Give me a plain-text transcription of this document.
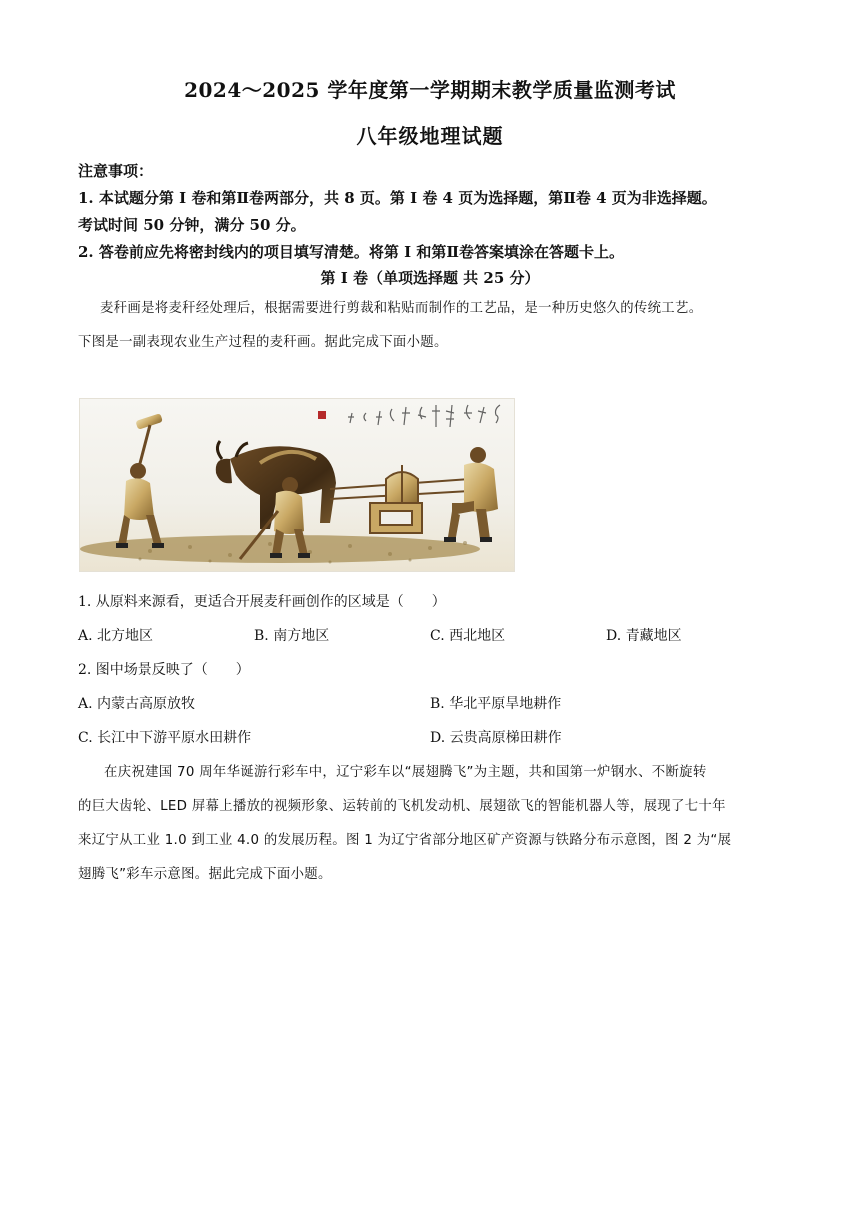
2024～2025 学年度第一学期期末教学质量监测考试
八年级地理试题
注意事项：
1. 本试题分第 I 卷和第Ⅱ卷两部分，共 8 页。第 I 卷 4 页为选择题，第Ⅱ卷 4 页为非选择题。
考试时间 50 分钟，满分 50 分。
2. 答卷前应先将密封线内的项目填写清楚。将第 I 和第Ⅱ卷答案填涂在答题卡上。
第 I 卷（单项选择题 共 25 分）
麦秆画是将麦秆经处理后，根据需要进行剪裁和粘贴而制作的工艺品，是一种历史悠久的传统工艺。
下图是一副表现农业生产过程的麦秆画。据此完成下面小题。
1. 从原料来源看，更适合开展麦秆画创作的区域是（　　）
A. 北方地区	B. 南方地区	C. 西北地区	D. 青藏地区
2. 图中场景反映了（　　）
A. 内蒙古高原放牧	B. 华北平原旱地耕作
C. 长江中下游平原水田耕作	D. 云贵高原梯田耕作
在庆祝建国 70 周年华诞游行彩车中，辽宁彩车以“展翅腾飞”为主题，共和国第一炉钢水、不断旋转
的巨大齿轮、LED 屏幕上播放的视频形象、运转前的飞机发动机、展翅欲飞的智能机器人等，展现了七十年
来辽宁从工业 1.0 到工业 4.0 的发展历程。图 1 为辽宁省部分地区矿产资源与铁路分布示意图，图 2 为“展
翅腾飞”彩车示意图。据此完成下面小题。
